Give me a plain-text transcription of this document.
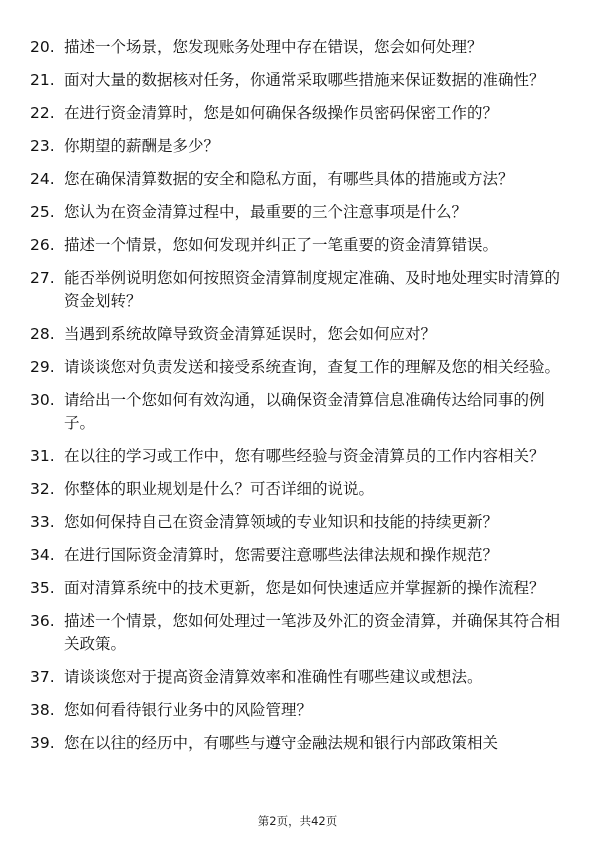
20. 描述一个场景，您发现账务处理中存在错误，您会如何处理？
21. 面对大量的数据核对任务，你通常采取哪些措施来保证数据的准确性？
22. 在进行资金清算时，您是如何确保各级操作员密码保密工作的？
23. 你期望的薪酬是多少？
24. 您在确保清算数据的安全和隐私方面，有哪些具体的措施或方法？
25. 您认为在资金清算过程中，最重要的三个注意事项是什么？
26. 描述一个情景，您如何发现并纠正了一笔重要的资金清算错误。
27. 能否举例说明您如何按照资金清算制度规定准确、及时地处理实时清算的资金划转？
28. 当遇到系统故障导致资金清算延误时，您会如何应对？
29. 请谈谈您对负责发送和接受系统查询，查复工作的理解及您的相关经验。
30. 请给出一个您如何有效沟通，以确保资金清算信息准确传达给同事的例子。
31. 在以往的学习或工作中，您有哪些经验与资金清算员的工作内容相关？
32. 你整体的职业规划是什么？可否详细的说说。
33. 您如何保持自己在资金清算领域的专业知识和技能的持续更新？
34. 在进行国际资金清算时，您需要注意哪些法律法规和操作规范？
35. 面对清算系统中的技术更新，您是如何快速适应并掌握新的操作流程？
36. 描述一个情景，您如何处理过一笔涉及外汇的资金清算，并确保其符合相关政策。
37. 请谈谈您对于提高资金清算效率和准确性有哪些建议或想法。
38. 您如何看待银行业务中的风险管理？
39. 您在以往的经历中，有哪些与遵守金融法规和银行内部政策相关
第2页，共42页
